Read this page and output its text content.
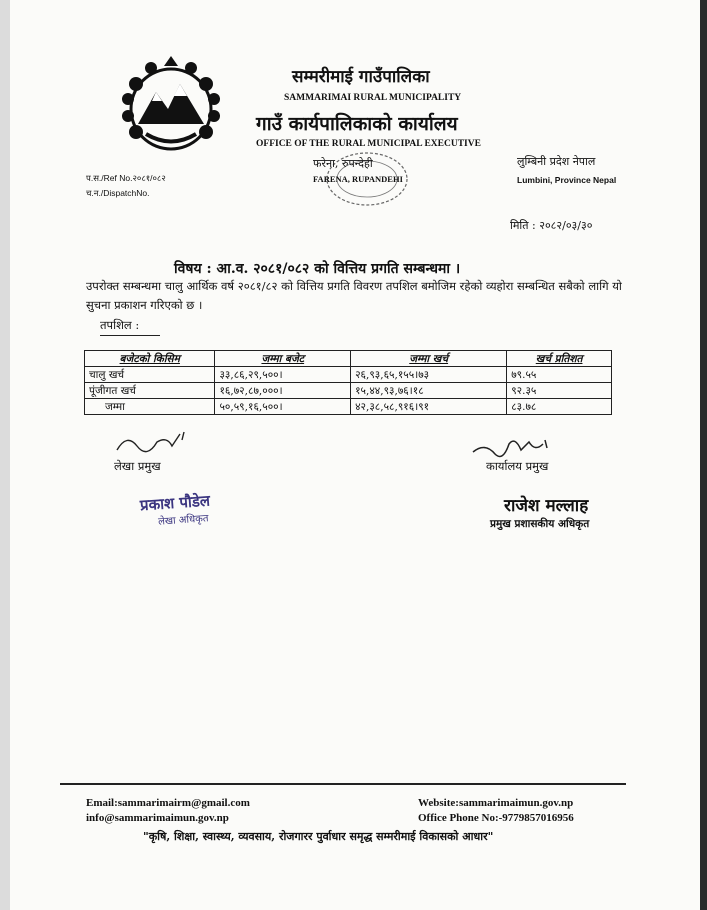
सम्मरीमाई गाउँपालिका
SAMMARIMAI RURAL MUNICIPALITY
गाउँ कार्यपालिकाको कार्यालय
OFFICE OF THE RURAL MUNICIPAL EXECUTIVE
फरेना, रुपन्देही
FARENA, RUPANDEHI
लुम्बिनी प्रदेश नेपाल
Lumbini, Province Nepal
प.स./Ref No.२०८१/०८२
च.न./DispatchNo.
मिति : २०८२/०३/३०
विषय : आ.व. २०८१/०८२ को वित्तिय प्रगति सम्बन्धमा ।
उपरोक्त सम्बन्धमा चालु आर्थिक वर्ष २०८१/८२ को वित्तिय प्रगति विवरण तपशिल बमोजिम रहेको व्यहोरा सम्बन्धित सबैको लागि यो सुचना प्रकाशन गरिएको छ ।
तपशिल :
बजेटको किसिम	जम्मा बजेट	जम्मा खर्च	खर्च प्रतिशत
चालु खर्च	३३,८६,२९,५००।	२६,९३,६५,१५५।७३	७९.५५
पूंजीगत खर्च	१६,७२,८७,०००।	१५,४४,९३,७६।१८	९२.३५
जम्मा	५०,५९,१६,५००।	४२,३८,५८,९१६।९१	८३.७८
लेखा प्रमुख	कार्यालय प्रमुख
प्रकाश पौडेल
लेखा अधिकृत
राजेश मल्लाह
प्रमुख प्रशासकीय अधिकृत
Email:sammarimairm@gmail.com
info@sammarimaimun.gov.np
Website:sammarimaimun.gov.np
Office Phone No:-9779857016956
"कृषि, शिक्षा, स्वास्थ्य, व्यवसाय, रोजगारर पुर्वाधार समृद्ध सम्मरीमाई विकासको आधार"
